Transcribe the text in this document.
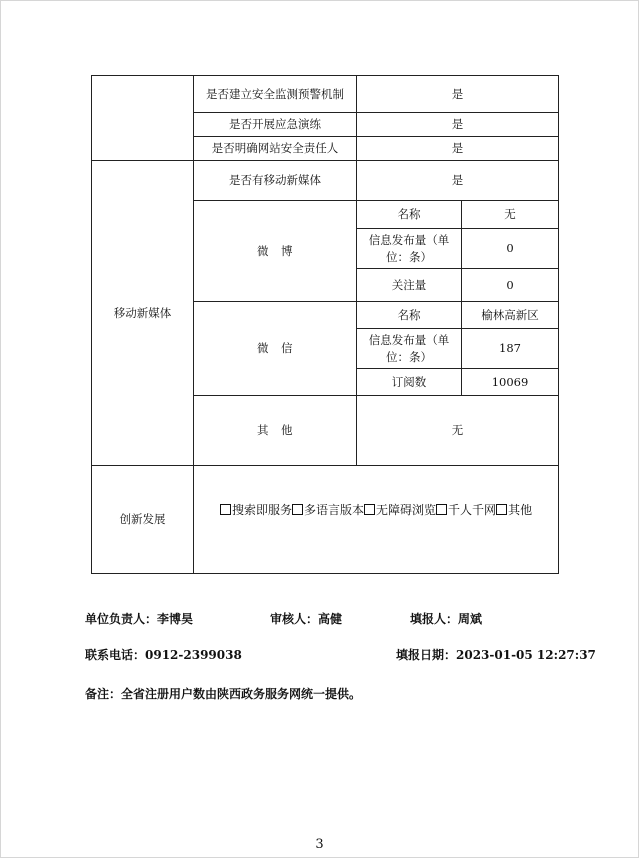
	是否建立安全监测预警机制	是	
	是否开展应急演练	是	
	是否明确网站安全责任人	是	
移动新媒体	是否有移动新媒体	是	
	微　博	名称	无
		信息发布量（单位：条）	0
		关注量	0
	微　信	名称	榆林高新区
		信息发布量（单位：条）	187
		订阅数	10069
	其　他	无	
创新发展	搜索即服务 多语言版本 无障碍浏览 千人千网 其他		
单位负责人：李博昊	审核人：高健	填报人：周斌
联系电话：0912-2399038	填报日期：2023-01-05 12:27:37
备注：全省注册用户数由陕西政务服务网统一提供。
3
